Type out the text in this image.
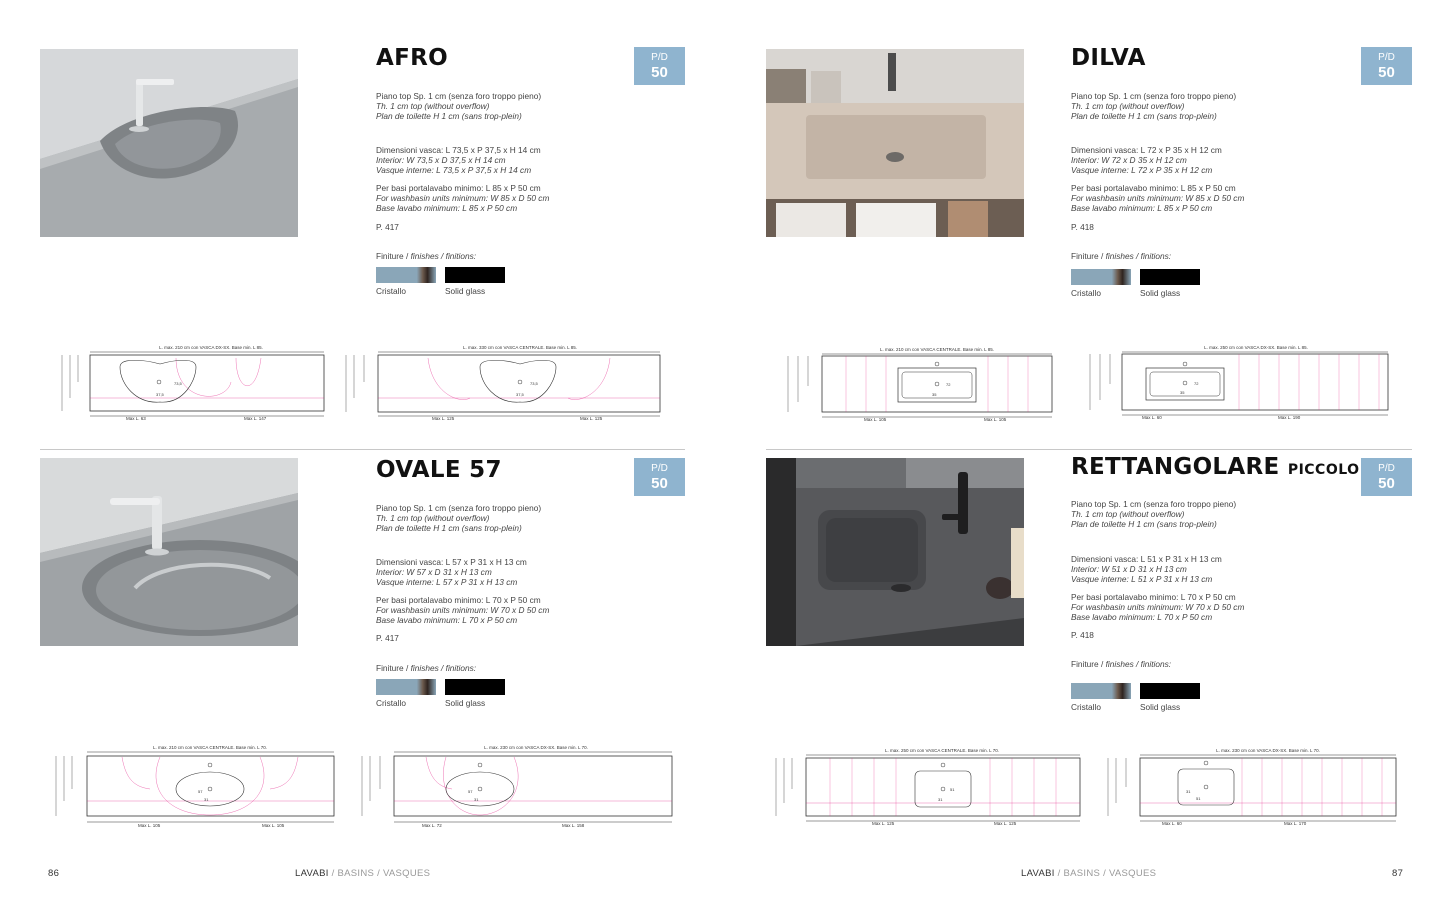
AFRO	P/D
50
Piano top Sp. 1 cm (senza foro troppo pieno)
Th. 1 cm top (without overflow)
Plan de toilette H 1 cm (sans trop-plein)
Dimensioni vasca: L 73,5 x P 37,5 x H 14 cm
Interior: W 73,5 x D 37,5 x H 14 cm
Vasque interne: L 73,5 x P 37,5 x H 14 cm
Per basi portalavabo minimo: L 85 x P 50 cm
For washbasin units minimum: W 85 x D 50 cm
Base lavabo minimum: L 85 x P 50 cm
P. 417
Finiture / finishes / finitions:
Cristallo	Solid glass
L. max. 210 cm con VASCA DX-SX. Base min. L 85.
73,5
37,5
Max L. 63	Max L. 147
L. max. 330 cm con VASCA CENTRALE. Base min. L 85.
73,5
37,5
Max L. 125	Max L. 125
DILVA	P/D
50
Piano top Sp. 1 cm (senza foro troppo pieno)
Th. 1 cm top (without overflow)
Plan de toilette H 1 cm (sans trop-plein)
Dimensioni vasca: L 72 x P 35 x H 12 cm
Interior: W 72 x D 35 x H 12 cm
Vasque interne: L 72 x P 35 x H 12 cm
Per basi portalavabo minimo: L 85 x P 50 cm
For washbasin units minimum: W 85 x D 50 cm
Base lavabo minimum: L 85 x P 50 cm
P. 418
Finiture / finishes / finitions:
Cristallo	Solid glass
L. max. 210 cm con VASCA CENTRALE. Base min. L 85.
72
35
Max L. 105	Max L. 105
L. max. 250 cm con VASCA DX-SX. Base min. L 85.
72
35
Max L. 60	Max L. 190
OVALE 57	P/D
50
Piano top Sp. 1 cm (senza foro troppo pieno)
Th. 1 cm top (without overflow)
Plan de toilette H 1 cm (sans trop-plein)
Dimensioni vasca: L 57 x P 31 x H 13 cm
Interior: W 57 x D 31 x H 13 cm
Vasque interne: L 57 x P 31 x H 13 cm
Per basi portalavabo minimo: L 70 x P 50 cm
For washbasin units minimum: W 70 x D 50 cm
Base lavabo minimum: L 70 x P 50 cm
P. 417
Finiture / finishes / finitions:
Cristallo	Solid glass
L. max. 210 cm con VASCA CENTRALE. Base min. L 70.
57
31
Max L. 105	Max L. 105
L. max. 230 cm con VASCA DX-SX. Base min. L 70.
57
31
Max L. 72	Max L. 158
RETTANGOLARE PICCOLO	P/D
50
Piano top Sp. 1 cm (senza foro troppo pieno)
Th. 1 cm top (without overflow)
Plan de toilette H 1 cm (sans trop-plein)
Dimensioni vasca: L 51 x P 31 x H 13 cm
Interior: W 51 x D 31 x H 13 cm
Vasque interne: L 51 x P 31 x H 13 cm
Per basi portalavabo minimo: L 70 x P 50 cm
For washbasin units minimum: W 70 x D 50 cm
Base lavabo minimum: L 70 x P 50 cm
P. 418
Finiture / finishes / finitions:
Cristallo	Solid glass
L. max. 250 cm con VASCA CENTRALE. Base min. L 70.
51
31
Max L. 125	Max L. 125
L. max. 230 cm con VASCA DX-SX. Base min. L 70.
31
51
Max L. 60	Max L. 170
86	LAVABI / BASINS / VASQUES	LAVABI / BASINS / VASQUES	87
